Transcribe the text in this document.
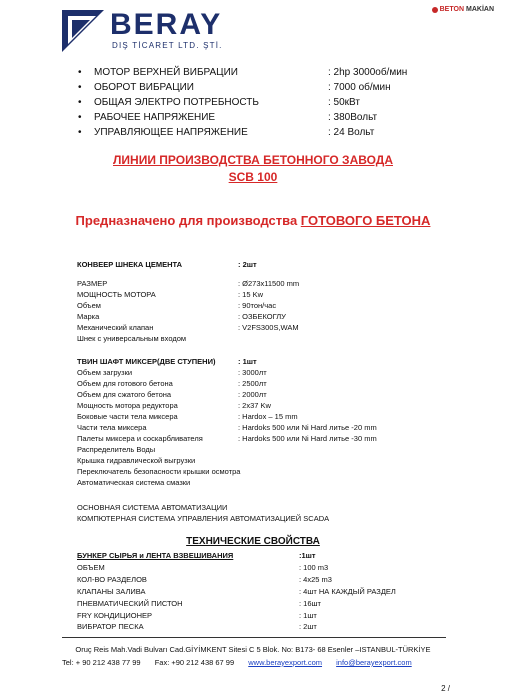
BERAY
DIŞ TİCARET LTD. ŞTİ.
BETON MAKİAN
• МОТОР ВЕРХНЕЙ ВИБРАЦИИ	: 2hp 3000об/мин
• ОБОРОТ ВИБРАЦИИ	: 7000 об/мин
• ОБЩАЯ ЭЛЕКТРО ПОТРЕБНОСТЬ	: 50кВт
• РАБОЧЕЕ НАПРЯЖЕНИЕ	: 380Вольт
• УПРАВЛЯЮЩЕЕ НАПРЯЖЕНИЕ	: 24 Вольт
ЛИНИИ ПРОИЗВОДСТВА БЕТОННОГО ЗАВОДА
SCB 100
Предназначено для производства ГОТОВОГО БЕТОНА
КОНВЕЕР ШНЕКА ЦЕМЕНТА	: 2шт
РАЗМЕР	: Ø273x11500 mm
МОЩНОСТЬ МОТОРА	: 15 Kw
Объем	: 90тон/час
Марка	: ОЗБЕКОГЛУ
Механический клапан	: V2FS300S,WAM
Шнек с универсальным входом
ТВИН ШАФТ МИКСЕР(ДВЕ СТУПЕНИ)	: 1шт
Объем загрузки	: 3000лт
Объем для готового бетона	: 2500лт
Объем для сжатого бетона	: 2000лт
Мощность мотора редуктора	: 2x37 Kw
Боковые части тела миксера	: Hardox – 15 mm
Части тела миксера	: Hardoks 500 или Ni Hard литье -20 mm
Палеты миксера и соскарбливателя	: Hardoks 500 или Ni Hard литье -30 mm
Распределитель Воды
Крышка гидравлической выгрузки
Переключатель безопасности крышки осмотра
Автоматическая система смазки
ОСНОВНАЯ СИСТЕМА АВТОМАТИЗАЦИИ
КОМПЮТЕРНАЯ СИСТЕМА УПРАВЛЕНИЯ АВТОМАТИЗАЦИЕЙ SCADA
ТЕХНИЧЕСКИЕ СВОЙСТВА
БУНКЕР СЫРЬЯ и ЛЕНТА ВЗВЕШИВАНИЯ	:1шт
ОБЪЕМ	: 100 m3
КОЛ-ВО РАЗДЕЛОВ	: 4x25 m3
КЛАПАНЫ ЗАЛИВА	: 4шт НА КАЖДЫЙ РАЗДЕЛ
ПНЕВМАТИЧЕСКИЙ ПИСТОН	: 16шт
FRY КОНДИЦИОНЕР	: 1шт
ВИБРАТОР ПЕСКА	: 2шт
Oruç Reis Mah.Vadi Bulvarı Cad.GİYİMKENT Sitesi C 5 Blok. No: B173- 68 Esenler –ISTANBUL-TÜRKİYE
Tel: + 90 212 438 77 99 Fax: +90 212 438 67 99 www.berayexport.com info@berayexport.com
2 /
